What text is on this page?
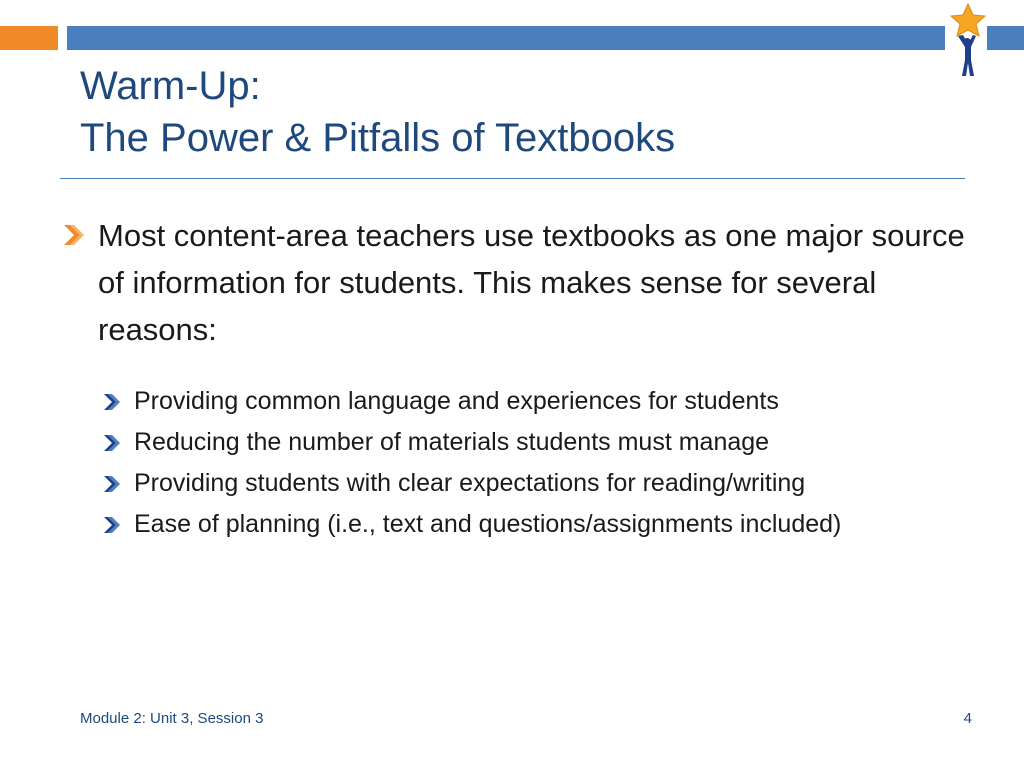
Warm-Up:
The Power & Pitfalls of Textbooks
Most content-area teachers use textbooks as one major source of information for students. This makes sense for several reasons:
Providing common language and experiences for students
Reducing the number of materials students must manage
Providing students with clear expectations for reading/writing
Ease of planning (i.e., text and questions/assignments included)
Module 2: Unit 3, Session 3	4
